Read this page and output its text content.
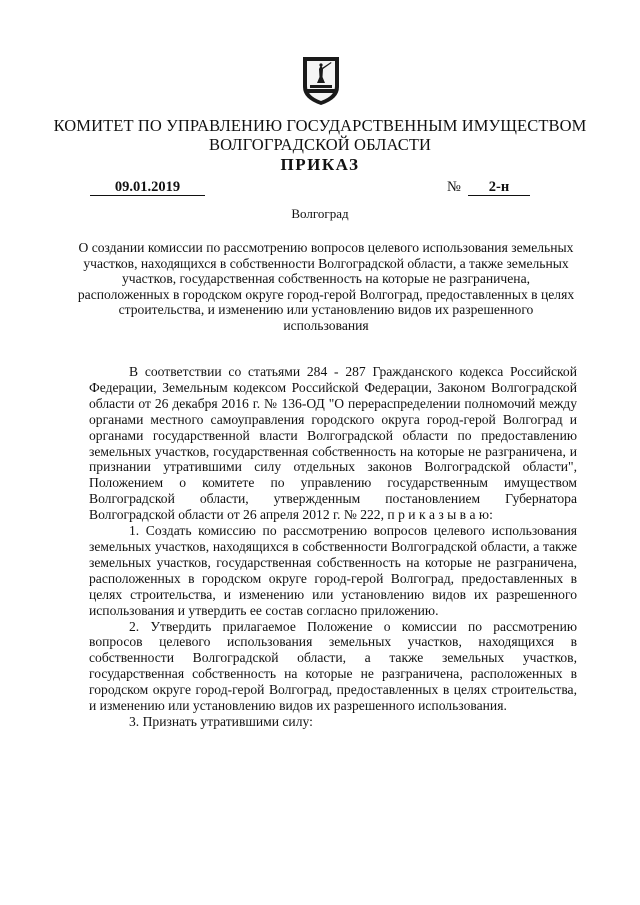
КОМИТЕТ ПО УПРАВЛЕНИЮ ГОСУДАРСТВЕННЫМ ИМУЩЕСТВОМ ВОЛГОГРАДСКОЙ ОБЛАСТИ
ПРИКАЗ
09.01.2019	№	2-н
Волгоград
О создании комиссии по рассмотрению вопросов целевого использования земельных участков, находящихся в собственности Волгоградской области, а также земельных участков, государственная собственность на которые не разграничена, расположенных в городском округе город-герой Волгоград, предоставленных в целях строительства, и изменению или установлению видов их разрешенного использования

В соответствии со статьями 284 - 287 Гражданского кодекса Российской Федерации, Земельным кодексом Российской Федерации, Законом Волгоградской области от 26 декабря 2016 г. № 136-ОД "О перераспределении полномочий между органами местного самоуправления городского округа город-герой Волгоград и органами государственной власти Волгоградской области по предоставлению земельных участков, государственная собственность на которые не разграничена, и признании утратившими силу отдельных законов Волгоградской области", Положением о комитете по управлению государственным имуществом Волгоградской области, утвержденным постановлением Губернатора Волгоградской области от 26 апреля 2012 г. № 222, п р и к а з ы в а ю:

1. Создать комиссию по рассмотрению вопросов целевого использования земельных участков, находящихся в собственности Волгоградской области, а также земельных участков, государственная собственность на которые не разграничена, расположенных в городском округе город-герой Волгоград, предоставленных в целях строительства, и изменению или установлению видов их разрешенного использования и утвердить ее состав согласно приложению.

2. Утвердить прилагаемое Положение о комиссии по рассмотрению вопросов целевого использования земельных участков, находящихся в собственности Волгоградской области, а также земельных участков, государственная собственность на которые не разграничена, расположенных в городском округе город-герой Волгоград, предоставленных в целях строительства, и изменению или установлению видов их разрешенного использования.

3. Признать утратившими силу:
